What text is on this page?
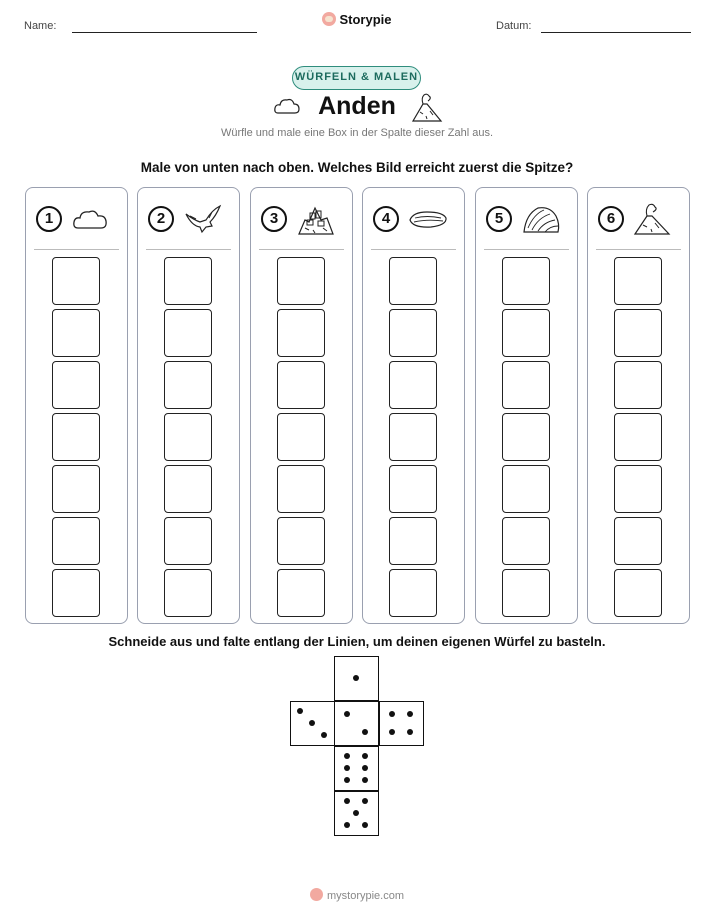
Name:	Storypie	Datum:
WÜRFELN & MALEN
Anden
Würfle und male eine Box in der Spalte dieser Zahl aus.
Male von unten nach oben. Welches Bild erreicht zuerst die Spitze?
1	2	3	4	5	6
Schneide aus und falte entlang der Linien, um deinen eigenen Würfel zu basteln.
mystorypie.com
